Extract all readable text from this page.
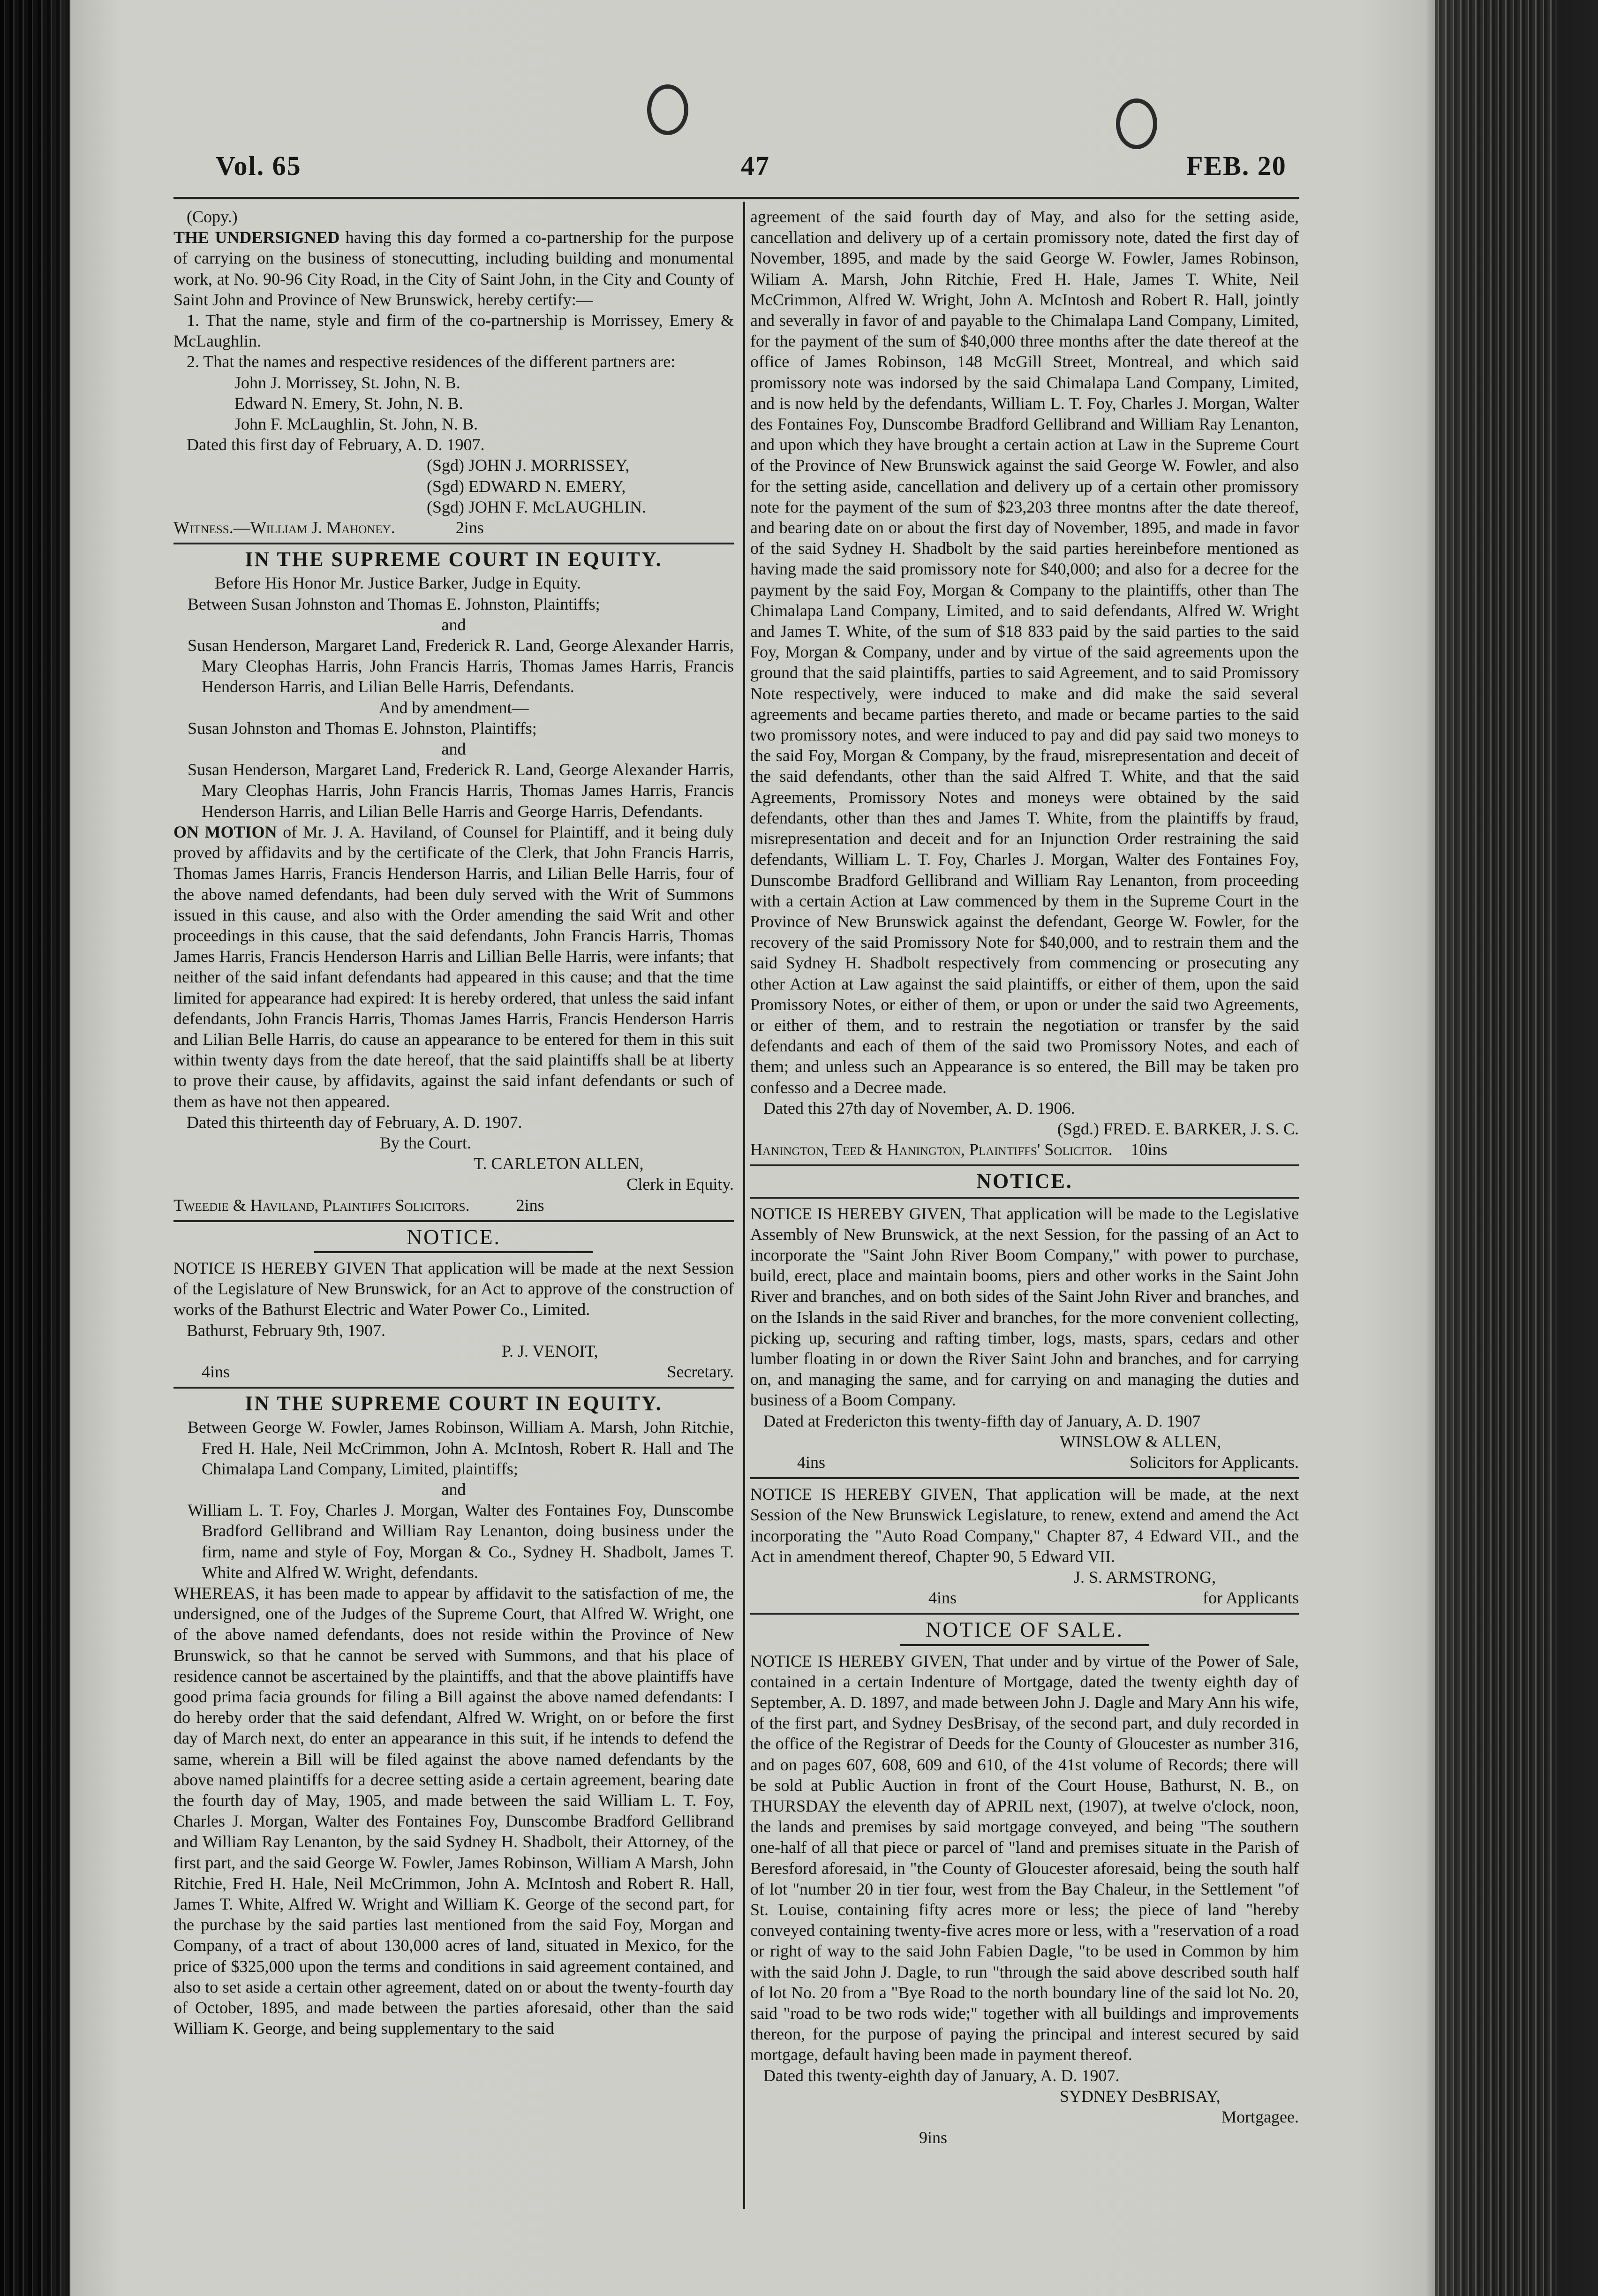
Vol. 65	47	FEB. 20

(Copy.)

THE UNDERSIGNED having this day formed a co-partnership for the purpose of carrying on the business of stonecutting, including building and monumental work, at No. 90-96 City Road, in the City of Saint John, in the City and County of Saint John and Province of New Brunswick, hereby certify:—

1. That the name, style and firm of the co-partnership is Morrissey, Emery & McLaughlin.

2. That the names and respective residences of the different partners are:

John J. Morrissey, St. John, N. B.

Edward N. Emery, St. John, N. B.

John F. McLaughlin, St. John, N. B.

Dated this first day of February, A. D. 1907.

(Sgd) JOHN J. MORRISSEY,

(Sgd) EDWARD N. EMERY,

(Sgd) JOHN F. McLAUGHLIN.

Witness.—William J. Mahoney.	2ins

IN THE SUPREME COURT IN EQUITY.

Before His Honor Mr. Justice Barker, Judge in Equity.

Between Susan Johnston and Thomas E. Johnston, Plaintiffs;

and

Susan Henderson, Margaret Land, Frederick R. Land, George Alexander Harris, Mary Cleophas Harris, John Francis Harris, Thomas James Harris, Francis Henderson Harris, and Lilian Belle Harris, Defendants.

And by amendment—

Susan Johnston and Thomas E. Johnston, Plaintiffs;

and

Susan Henderson, Margaret Land, Frederick R. Land, George Alexander Harris, Mary Cleophas Harris, John Francis Harris, Thomas James Harris, Francis Henderson Harris, and Lilian Belle Harris and George Harris, Defendants.

ON MOTION of Mr. J. A. Haviland, of Counsel for Plaintiff, and it being duly proved by affidavits and by the certificate of the Clerk, that John Francis Harris, Thomas James Harris, Francis Henderson Harris, and Lilian Belle Harris, four of the above named defendants, had been duly served with the Writ of Summons issued in this cause, and also with the Order amending the said Writ and other proceedings in this cause, that the said defendants, John Francis Harris, Thomas James Harris, Francis Henderson Harris and Lillian Belle Harris, were infants; that neither of the said infant defendants had appeared in this cause; and that the time limited for appearance had expired: It is hereby ordered, that unless the said infant defendants, John Francis Harris, Thomas James Harris, Francis Henderson Harris and Lilian Belle Harris, do cause an appearance to be entered for them in this suit within twenty days from the date hereof, that the said plaintiffs shall be at liberty to prove their cause, by affidavits, against the said infant defendants or such of them as have not then appeared.

Dated this thirteenth day of February, A. D. 1907.

By the Court.

T. CARLETON ALLEN,

Clerk in Equity.

Tweedie & Haviland, Plaintiffs Solicitors.	2ins

NOTICE.

NOTICE IS HEREBY GIVEN That application will be made at the next Session of the Legislature of New Brunswick, for an Act to approve of the construction of works of the Bathurst Electric and Water Power Co., Limited.

Bathurst, February 9th, 1907.

P. J. VENOIT,

4ins	Secretary.

IN THE SUPREME COURT IN EQUITY.

Between George W. Fowler, James Robinson, William A. Marsh, John Ritchie, Fred H. Hale, Neil McCrimmon, John A. McIntosh, Robert R. Hall and The Chimalapa Land Company, Limited, plaintiffs;

and

William L. T. Foy, Charles J. Morgan, Walter des Fontaines Foy, Dunscombe Bradford Gellibrand and William Ray Lenanton, doing business under the firm, name and style of Foy, Morgan & Co., Sydney H. Shadbolt, James T. White and Alfred W. Wright, defendants.

WHEREAS, it has been made to appear by affidavit to the satisfaction of me, the undersigned, one of the Judges of the Supreme Court, that Alfred W. Wright, one of the above named defendants, does not reside within the Province of New Brunswick, so that he cannot be served with Summons, and that his place of residence cannot be ascertained by the plaintiffs, and that the above plaintiffs have good prima facia grounds for filing a Bill against the above named defendants: I do hereby order that the said defendant, Alfred W. Wright, on or before the first day of March next, do enter an appearance in this suit, if he intends to defend the same, wherein a Bill will be filed against the above named defendants by the above named plaintiffs for a decree setting aside a certain agreement, bearing date the fourth day of May, 1905, and made between the said William L. T. Foy, Charles J. Morgan, Walter des Fontaines Foy, Dunscombe Bradford Gellibrand and William Ray Lenanton, by the said Sydney H. Shadbolt, their Attorney, of the first part, and the said George W. Fowler, James Robinson, William A Marsh, John Ritchie, Fred H. Hale, Neil McCrimmon, John A. McIntosh and Robert R. Hall, James T. White, Alfred W. Wright and William K. George of the second part, for the purchase by the said parties last mentioned from the said Foy, Morgan and Company, of a tract of about 130,000 acres of land, situated in Mexico, for the price of $325,000 upon the terms and conditions in said agreement contained, and also to set aside a certain other agreement, dated on or about the twenty-fourth day of October, 1895, and made between the parties aforesaid, other than the said William K. George, and being supplementary to the said

agreement of the said fourth day of May, and also for the setting aside, cancellation and delivery up of a certain promissory note, dated the first day of November, 1895, and made by the said George W. Fowler, James Robinson, Wiliam A. Marsh, John Ritchie, Fred H. Hale, James T. White, Neil McCrimmon, Alfred W. Wright, John A. McIntosh and Robert R. Hall, jointly and severally in favor of and payable to the Chimalapa Land Company, Limited, for the payment of the sum of $40,000 three months after the date thereof at the office of James Robinson, 148 McGill Street, Montreal, and which said promissory note was indorsed by the said Chimalapa Land Company, Limited, and is now held by the defendants, William L. T. Foy, Charles J. Morgan, Walter des Fontaines Foy, Dunscombe Bradford Gellibrand and William Ray Lenanton, and upon which they have brought a certain action at Law in the Supreme Court of the Province of New Brunswick against the said George W. Fowler, and also for the setting aside, cancellation and delivery up of a certain other promissory note for the payment of the sum of $23,203 three montns after the date thereof, and bearing date on or about the first day of November, 1895, and made in favor of the said Sydney H. Shadbolt by the said parties hereinbefore mentioned as having made the said promissory note for $40,000; and also for a decree for the payment by the said Foy, Morgan & Company to the plaintiffs, other than The Chimalapa Land Company, Limited, and to said defendants, Alfred W. Wright and James T. White, of the sum of $18 833 paid by the said parties to the said Foy, Morgan & Company, under and by virtue of the said agreements upon the ground that the said plaintiffs, parties to said Agreement, and to said Promissory Note respectively, were induced to make and did make the said several agreements and became parties thereto, and made or became parties to the said two promissory notes, and were induced to pay and did pay said two moneys to the said Foy, Morgan & Company, by the fraud, misrepresentation and deceit of the said defendants, other than the said Alfred T. White, and that the said Agreements, Promissory Notes and moneys were obtained by the said defendants, other than thes and James T. White, from the plaintiffs by fraud, misrepresentation and deceit and for an Injunction Order restraining the said defendants, William L. T. Foy, Charles J. Morgan, Walter des Fontaines Foy, Dunscombe Bradford Gellibrand and William Ray Lenanton, from proceeding with a certain Action at Law commenced by them in the Supreme Court in the Province of New Brunswick against the defendant, George W. Fowler, for the recovery of the said Promissory Note for $40,000, and to restrain them and the said Sydney H. Shadbolt respectively from commencing or prosecuting any other Action at Law against the said plaintiffs, or either of them, upon the said Promissory Notes, or either of them, or upon or under the said two Agreements, or either of them, and to restrain the negotiation or transfer by the said defendants and each of them of the said two Promissory Notes, and each of them; and unless such an Appearance is so entered, the Bill may be taken pro confesso and a Decree made.

Dated this 27th day of November, A. D. 1906.

(Sgd.) FRED. E. BARKER, J. S. C.

Hanington, Teed & Hanington, Plaintiffs' Solicitor. 10ins

NOTICE.

NOTICE IS HEREBY GIVEN, That application will be made to the Legislative Assembly of New Brunswick, at the next Session, for the passing of an Act to incorporate the "Saint John River Boom Company," with power to purchase, build, erect, place and maintain booms, piers and other works in the Saint John River and branches, and on both sides of the Saint John River and branches, and on the Islands in the said River and branches, for the more convenient collecting, picking up, securing and rafting timber, logs, masts, spars, cedars and other lumber floating in or down the River Saint John and branches, and for carrying on, and managing the same, and for carrying on and managing the duties and business of a Boom Company.

Dated at Fredericton this twenty-fifth day of January, A. D. 1907

WINSLOW & ALLEN,

4ins	Solicitors for Applicants.

NOTICE IS HEREBY GIVEN, That application will be made, at the next Session of the New Brunswick Legislature, to renew, extend and amend the Act incorporating the "Auto Road Company," Chapter 87, 4 Edward VII., and the Act in amendment thereof, Chapter 90, 5 Edward VII.

J. S. ARMSTRONG,

4ins	for Applicants

NOTICE OF SALE.

NOTICE IS HEREBY GIVEN, That under and by virtue of the Power of Sale, contained in a certain Indenture of Mortgage, dated the twenty eighth day of September, A. D. 1897, and made between John J. Dagle and Mary Ann his wife, of the first part, and Sydney DesBrisay, of the second part, and duly recorded in the office of the Registrar of Deeds for the County of Gloucester as number 316, and on pages 607, 608, 609 and 610, of the 41st volume of Records; there will be sold at Public Auction in front of the Court House, Bathurst, N. B., on THURSDAY the eleventh day of APRIL next, (1907), at twelve o'clock, noon, the lands and premises by said mortgage conveyed, and being "The southern one-half of all that piece or parcel of "land and premises situate in the Parish of Beresford aforesaid, in "the County of Gloucester aforesaid, being the south half of lot "number 20 in tier four, west from the Bay Chaleur, in the Settlement "of St. Louise, containing fifty acres more or less; the piece of land "hereby conveyed containing twenty-five acres more or less, with a "reservation of a road or right of way to the said John Fabien Dagle, "to be used in Common by him with the said John J. Dagle, to run "through the said above described south half of lot No. 20 from a "Bye Road to the north boundary line of the said lot No. 20, said "road to be two rods wide;" together with all buildings and improvements thereon, for the purpose of paying the principal and interest secured by said mortgage, default having been made in payment thereof.

Dated this twenty-eighth day of January, A. D. 1907.

SYDNEY DesBRISAY,

Mortgagee.

9ins
